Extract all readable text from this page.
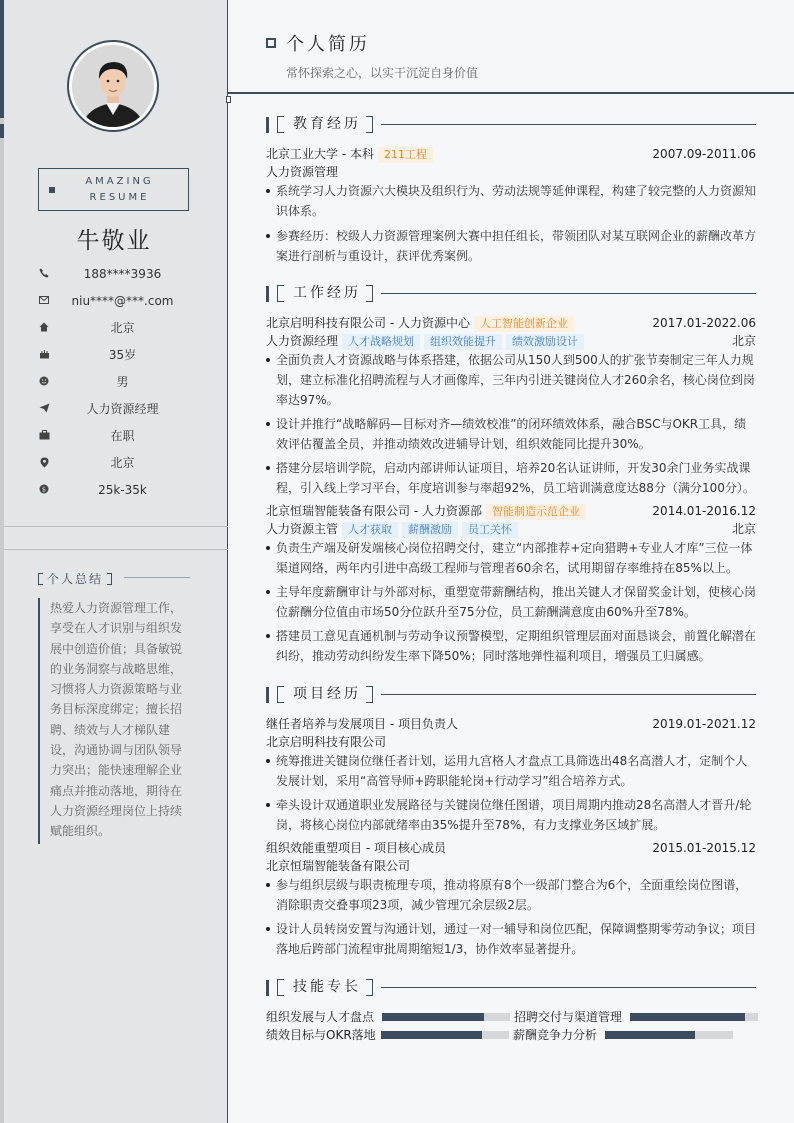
AMAZING
RESUME
牛敬业
188****3936
niu****@***.com
北京
35岁
男
人力资源经理
在职
北京
$	25k-35k
个人总结
热爱人力资源管理工作，享受在人才识别与组织发展中创造价值；具备敏锐的业务洞察与战略思维，习惯将人力资源策略与业务目标深度绑定；擅长招聘、绩效与人才梯队建设，沟通协调与团队领导力突出；能快速理解企业痛点并推动落地，期待在人力资源经理岗位上持续赋能组织。
个人简历
常怀探索之心，以实干沉淀自身价值
教育经历
北京工业大学 - 本科 211工程	2007.09-2011.06
人力资源管理
系统学习人力资源六大模块及组织行为、劳动法规等延伸课程，构建了较完整的人力资源知识体系。
参赛经历：校级人力资源管理案例大赛中担任组长，带领团队对某互联网企业的薪酬改革方案进行剖析与重设计，获评优秀案例。
工作经历
北京启明科技有限公司 - 人力资源中心 人工智能创新企业	2017.01-2022.06
人力资源经理 人才战略规划 组织效能提升 绩效激励设计	北京
全面负责人才资源战略与体系搭建，依据公司从150人到500人的扩张节奏制定三年人力规划，建立标准化招聘流程与人才画像库，三年内引进关键岗位人才260余名，核心岗位到岗率达97%。
设计并推行“战略解码—目标对齐—绩效校准”的闭环绩效体系，融合BSC与OKR工具，绩效评估覆盖全员，并推动绩效改进辅导计划，组织效能同比提升30%。
搭建分层培训学院，启动内部讲师认证项目，培养20名认证讲师，开发30余门业务实战课程，引入线上学习平台，年度培训参与率超92%，员工培训满意度达88分（满分100分）。
北京恒瑞智能装备有限公司 - 人力资源部 智能制造示范企业	2014.01-2016.12
人力资源主管 人才获取 薪酬激励 员工关怀	北京
负责生产端及研发端核心岗位招聘交付，建立“内部推荐+定向猎聘+专业人才库”三位一体渠道网络，两年内引进中高级工程师与管理者60余名，试用期留存率维持在85%以上。
主导年度薪酬审计与外部对标，重塑宽带薪酬结构，推出关键人才保留奖金计划，使核心岗位薪酬分位值由市场50分位跃升至75分位，员工薪酬满意度由60%升至78%。
搭建员工意见直通机制与劳动争议预警模型，定期组织管理层面对面恳谈会，前置化解潜在纠纷，推动劳动纠纷发生率下降50%；同时落地弹性福利项目，增强员工归属感。
项目经历
继任者培养与发展项目 - 项目负责人	2019.01-2021.12
北京启明科技有限公司
统筹推进关键岗位继任者计划，运用九宫格人才盘点工具筛选出48名高潜人才，定制个人发展计划，采用“高管导师+跨职能轮岗+行动学习”组合培养方式。
牵头设计双通道职业发展路径与关键岗位继任图谱，项目周期内推动28名高潜人才晋升/轮岗，将核心岗位内部就绪率由35%提升至78%，有力支撑业务区域扩展。
组织效能重塑项目 - 项目核心成员	2015.01-2015.12
北京恒瑞智能装备有限公司
参与组织层级与职责梳理专项，推动将原有8个一级部门整合为6个，全面重绘岗位图谱，消除职责交叠事项23项，减少管理冗余层级2层。
设计人员转岗安置与沟通计划，通过一对一辅导和岗位匹配，保障调整期零劳动争议；项目落地后跨部门流程审批周期缩短1/3，协作效率显著提升。
技能专长
组织发展与人才盘点	招聘交付与渠道管理
绩效目标与OKR落地	薪酬竞争力分析
